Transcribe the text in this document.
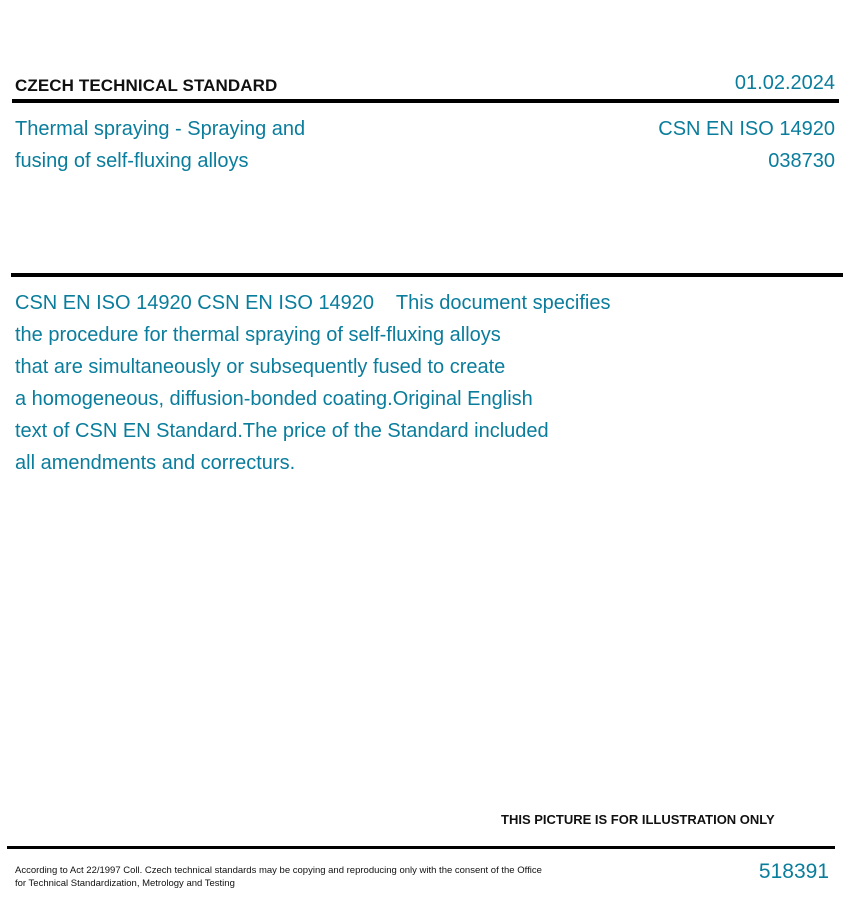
CZECH TECHNICAL STANDARD	01.02.2024
Thermal spraying - Spraying and
fusing of self-fluxing alloys
CSN EN ISO 14920
038730
CSN EN ISO 14920 CSN EN ISO 14920    This document specifies
the procedure for thermal spraying of self-fluxing alloys
that are simultaneously or subsequently fused to create
a homogeneous, diffusion-bonded coating.Original English
text of CSN EN Standard.The price of the Standard included
all amendments and correcturs.
THIS PICTURE IS FOR ILLUSTRATION ONLY
According to Act 22/1997 Coll. Czech technical standards may be copying and reproducing only with the consent of the Office
for Technical Standardization, Metrology and Testing
518391
